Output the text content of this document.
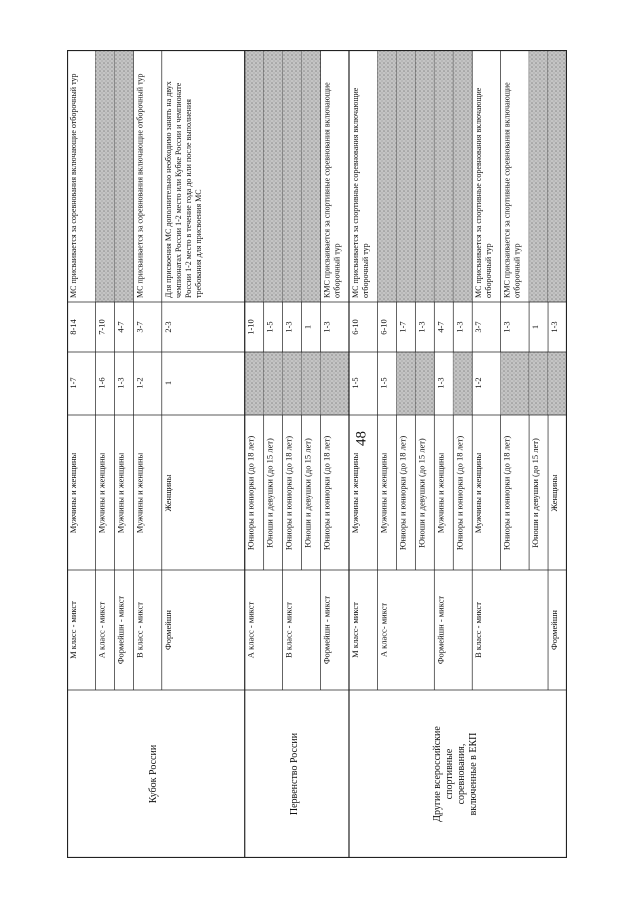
48
М класс - микст
Мужчины и женщины
1-7
8-14
МС присваивается за соревнования включающие отборочный тур
А класс - микст
Мужчины и женщины
1-6
7-10
Формейшн - микст
Мужчины и женщины
1-3
4-7
В класс - микст
Мужчины и женщины
1-2
3-7
МС присваивается за соревнования включающие отборочный тур
Формейшн
Женщины
1
2-3
Для присвоения МС дополнительно необходимо занять на двух чемпионатах России 1-2 место или Кубке России и чемпионате России 1-2 место в течение года до или после выполнения требования для присвоения МС
А класс - микст
Юниоры и юниорки (до 18 лет)
1-10
Юноши и девушки (до 15 лет)
1-5
В класс - микст
Юниоры и юниорки (до 18 лет)
1-3
Юноши и девушки (до 15 лет)
1
Формейшн - микст
Юниоры и юниорки (до 18 лет)
1-3
КМС присваивается за спортивные соревнования включающие отборочный тур
М класс- микст
Мужчины и женщины
1-5
6-10
МС присваивается за спортивные соревнования включающие отборочный тур
А класс- микст
Мужчины и женщины
1-5
6-10
Юниоры и юниорки (до 18 лет)
1-7
Юноши и девушки (до 15 лет)
1-3
Формейшн - микст
Мужчины и женщины
1-3
4-7
Юниоры и юниорки (до 18 лет)
1-3
В класс - микст
Мужчины и женщины
1-2
3-7
МС присваивается за спортивные соревнования включающие отборочный тур
Юниоры и юниорки (до 18 лет)
1-3
КМС присваивается за спортивные соревнования включающие отборочный тур
Юноши и девушки (до 15 лет)
1
Формейшн
Женщины
1-3
Кубок России	Первенство России	Другие всероссийские спортивные соревнования, включенные в ЕКП
